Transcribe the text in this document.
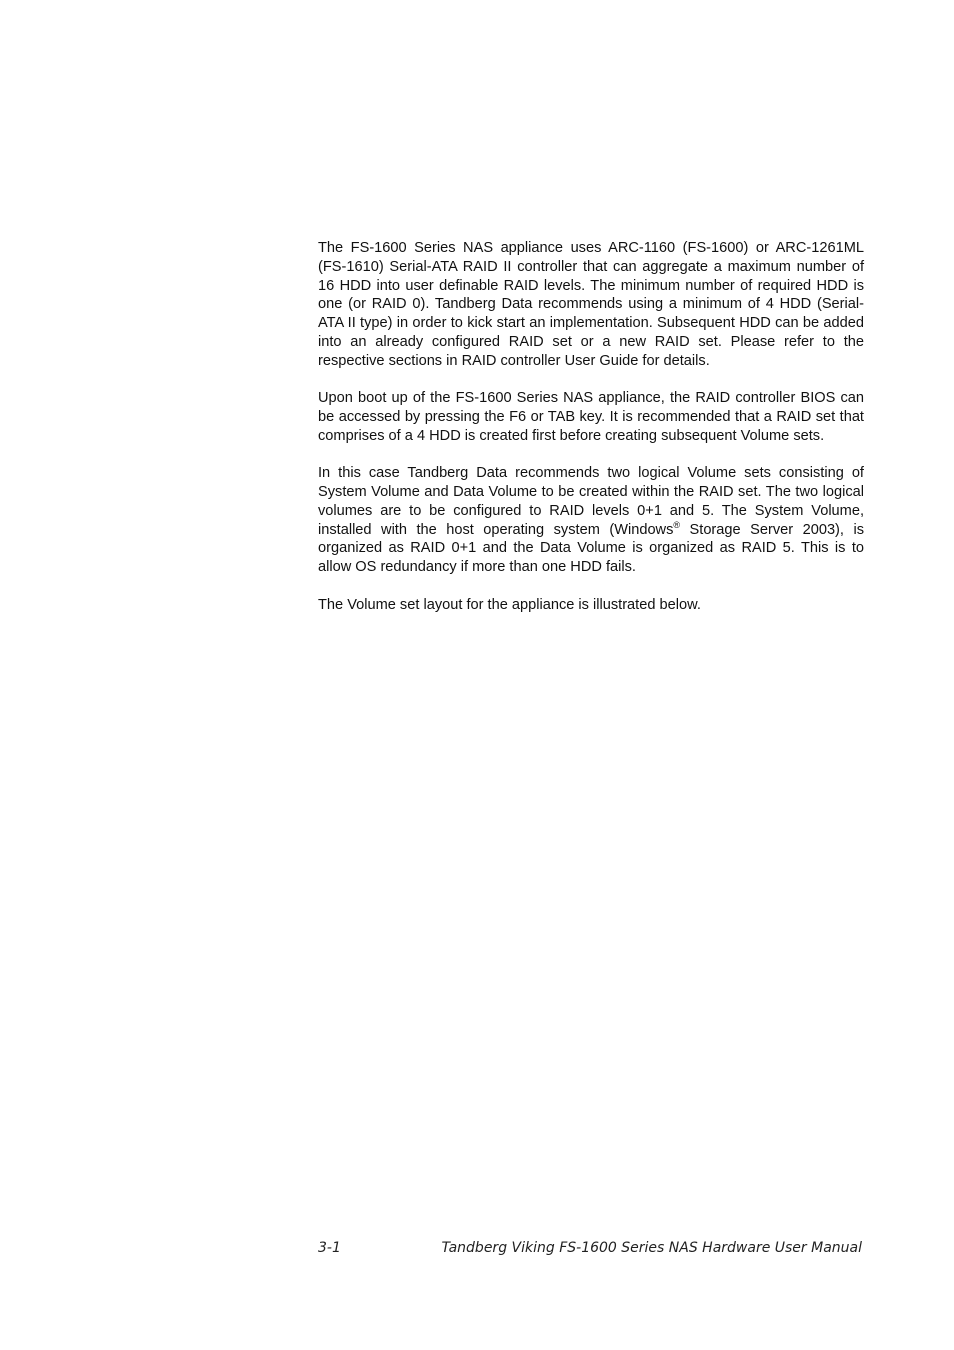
The FS-1600 Series NAS appliance uses ARC-1160 (FS-1600) or ARC-1261ML (FS-1610) Serial-ATA RAID II controller that can aggregate a maximum number of 16 HDD into user definable RAID levels. The minimum number of required HDD is one (or RAID 0). Tandberg Data recommends using a minimum of 4 HDD (Serial-ATA II type) in order to kick start an implementation. Subsequent HDD can be added into an already configured RAID set or a new RAID set. Please refer to the respective sections in RAID controller User Guide for details.

Upon boot up of the FS-1600 Series NAS appliance, the RAID controller BIOS can be accessed by pressing the F6 or TAB key. It is recommended that a RAID set that comprises of a 4 HDD is created first before creating subsequent Volume sets.

In this case Tandberg Data recommends two logical Volume sets consisting of System Volume and Data Volume to be created within the RAID set. The two logical volumes are to be configured to RAID levels 0+1 and 5. The System Volume, installed with the host operating system (Windows® Storage Server 2003), is organized as RAID 0+1 and the Data Volume is organized as RAID 5. This is to allow OS redundancy if more than one HDD fails.

The Volume set layout for the appliance is illustrated below.

3-1	Tandberg Viking FS-1600 Series NAS Hardware User Manual
